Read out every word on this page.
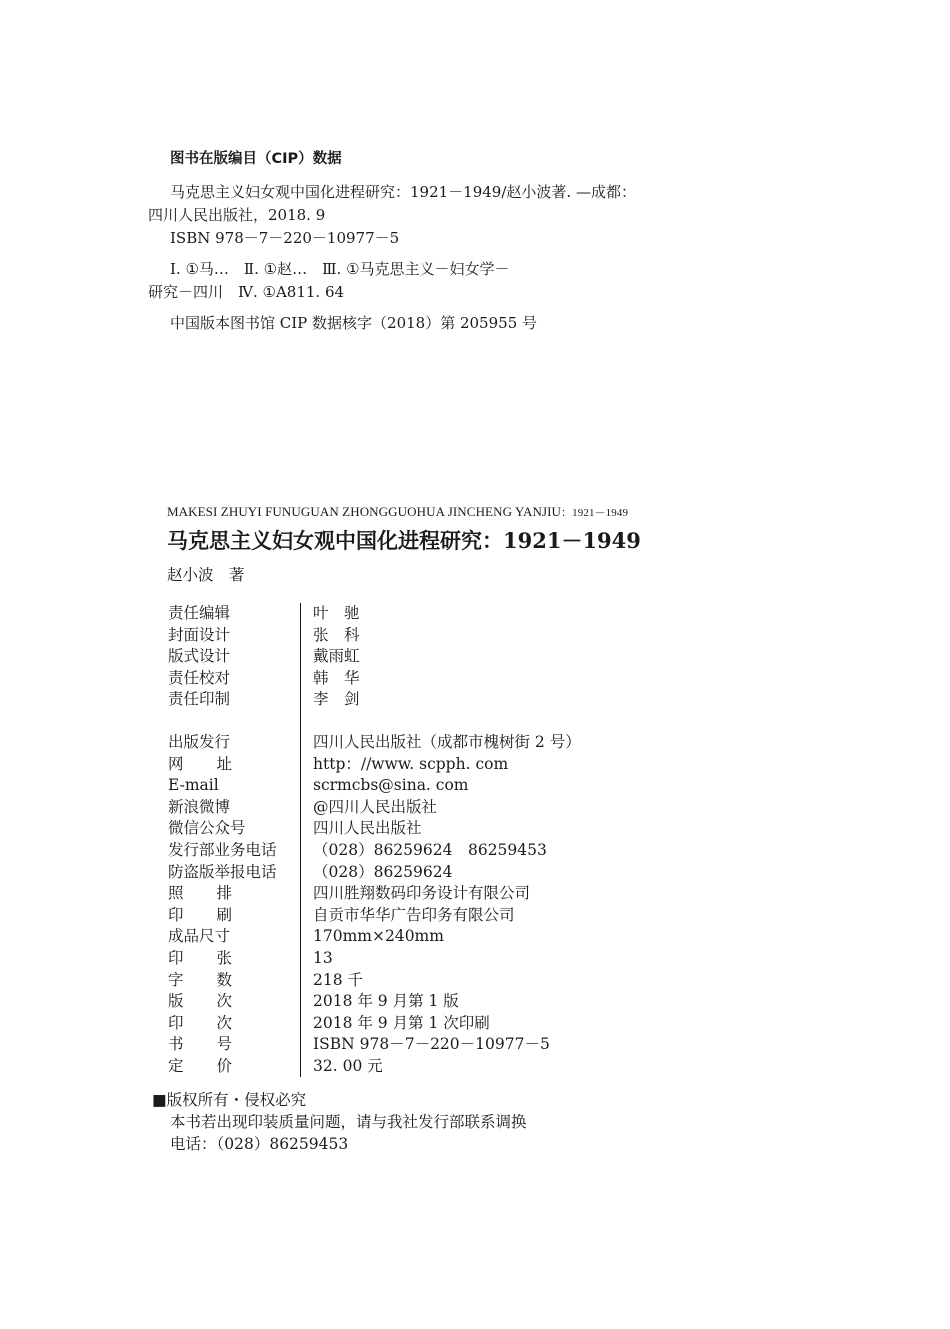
图书在版编目（CIP）数据
马克思主义妇女观中国化进程研究：1921－1949/赵小波著. —成都：
四川人民出版社，2018. 9
ISBN 978－7－220－10977－5
Ⅰ. ①马…　Ⅱ. ①赵…　Ⅲ. ①马克思主义－妇女学－
研究－四川　Ⅳ. ①A811. 64
中国版本图书馆 CIP 数据核字（2018）第 205955 号
MAKESI ZHUYI FUNUGUAN ZHONGGUOHUA JINCHENG YANJIU：1921－1949
马克思主义妇女观中国化进程研究：1921－1949
赵小波　著
责任编辑	叶　驰
封面设计	张　科
版式设计	戴雨虹
责任校对	韩　华
责任印制	李　剑
出版发行	四川人民出版社（成都市槐树街 2 号）
网 址	http：//www. scpph. com
E-mail	scrmcbs@sina. com
新浪微博	@四川人民出版社
微信公众号	四川人民出版社
发行部业务电话	（028）86259624　86259453
防盗版举报电话	（028）86259624
照 排	四川胜翔数码印务设计有限公司
印 刷	自贡市华华广告印务有限公司
成品尺寸	170mm×240mm
印 张	13
字 数	218 千
版 次	2018 年 9 月第 1 版
印 次	2018 年 9 月第 1 次印刷
书 号	ISBN 978－7－220－10977－5
定 价	32. 00 元
■版权所有・侵权必究
本书若出现印装质量问题，请与我社发行部联系调换
电话：（028）86259453
